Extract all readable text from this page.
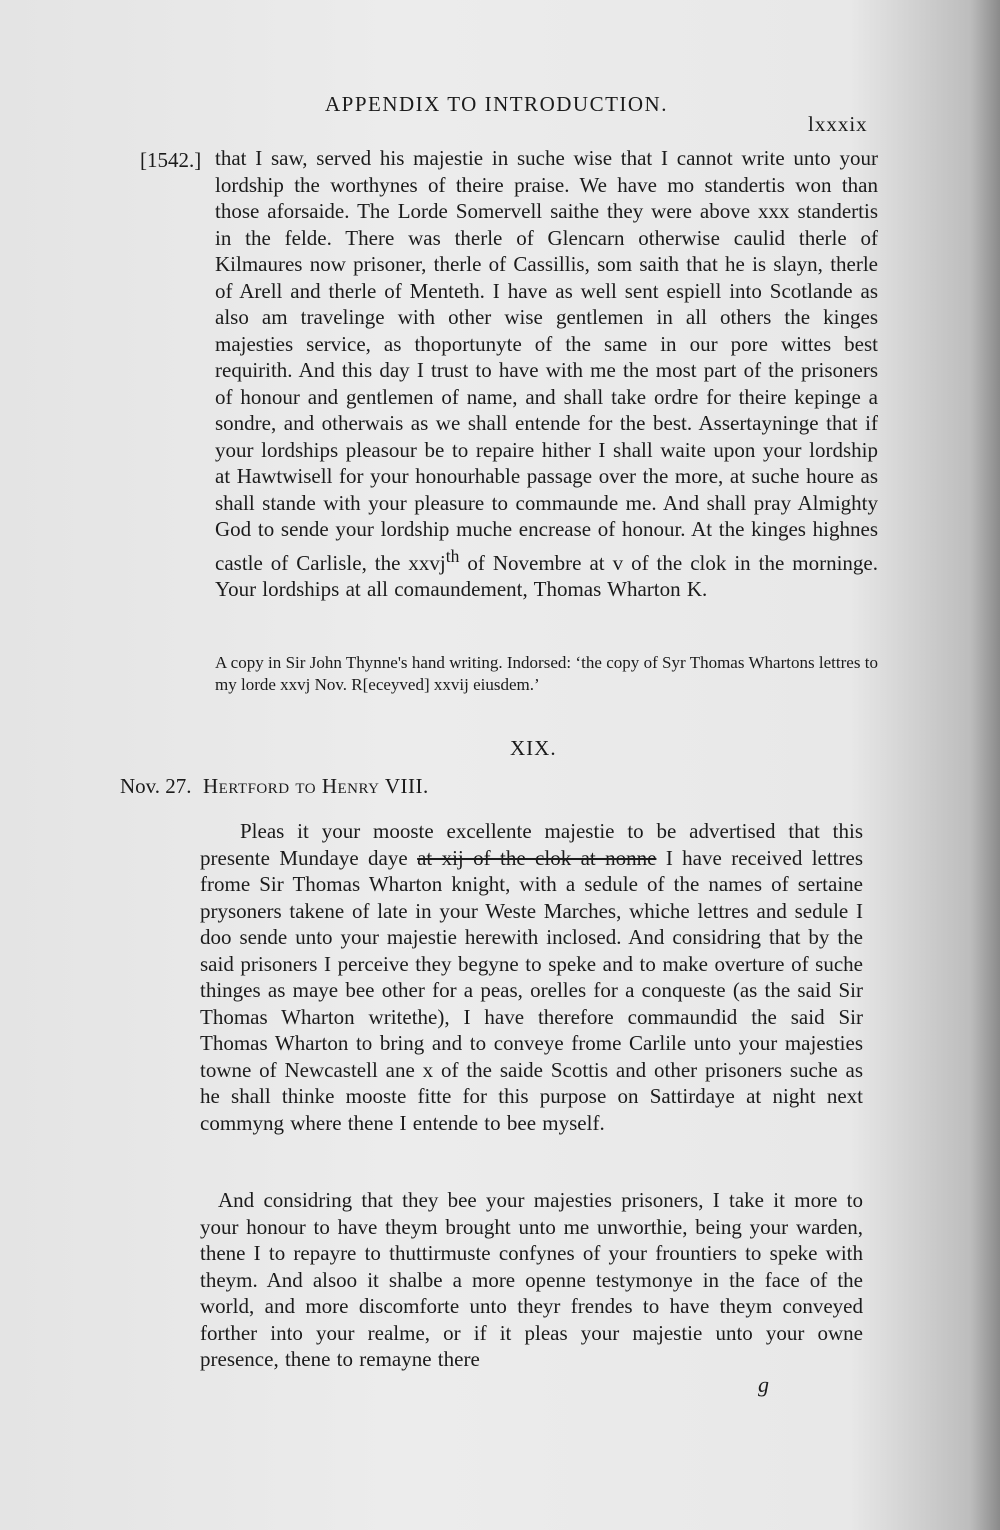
APPENDIX TO INTRODUCTION.
lxxxix
[1542.] that I saw, served his majestie in suche wise that I cannot write unto your lordship the worthynes of theire praise. We have mo standertis won than those aforsaide. The Lorde Somervell saithe they were above xxx standertis in the felde. There was therle of Glencarn otherwise caulid therle of Kilmaures now prisoner, therle of Cassillis, som saith that he is slayn, therle of Arell and therle of Menteth. I have as well sent espiell into Scotlande as also am travelinge with other wise gentlemen in all others the kinges majesties service, as thoportunyte of the same in our pore wittes best requirith. And this day I trust to have with me the most part of the prisoners of honour and gentlemen of name, and shall take ordre for theire kepinge a sondre, and otherwais as we shall entende for the best. Assertayninge that if your lordships pleasour be to repaire hither I shall waite upon your lordship at Hawtwisell for your honourhable passage over the more, at suche houre as shall stande with your pleasure to commaunde me. And shall pray Almighty God to sende your lordship muche encrease of honour. At the kinges highnes castle of Carlisle, the xxvj$^{th}$ of Novembre at v of the clok in the morninge. Your lordships at all comaundement, Thomas Wharton K.

A copy in Sir John Thynne's hand writing. Indorsed: ‘the copy of Syr Thomas Whartons lettres to my lorde xxvj Nov. R[eceyved] xxvij eiusdem.’

XIX.
Nov. 27. Hertford to Henry VIII.

Pleas it your mooste excellente majestie to be advertised that this presente Mundaye daye at xij of the clok at nonne I have received lettres frome Sir Thomas Wharton knight, with a sedule of the names of sertaine prysoners takene of late in your Weste Marches, whiche lettres and sedule I doo sende unto your majestie herewith inclosed. And considring that by the said prisoners I perceive they begyne to speke and to make overture of suche thinges as maye bee other for a peas, orelles for a conqueste (as the said Sir Thomas Wharton writethe), I have therefore commaundid the said Sir Thomas Wharton to bring and to conveye frome Carlile unto your majesties towne of Newcastell ane x of the saide Scottis and other prisoners suche as he shall thinke mooste fitte for this purpose on Sattirdaye at night next commyng where thene I entende to bee myself.

And considring that they bee your majesties prisoners, I take it more to your honour to have theym brought unto me unworthie, being your warden, thene I to repayre to thuttirmuste confynes of your frountiers to speke with theym. And alsoo it shalbe a more openne testymonye in the face of the world, and more discomforte unto theyr frendes to have theym conveyed forther into your realme, or if it pleas your majestie unto your owne presence, thene to remayne there

g
